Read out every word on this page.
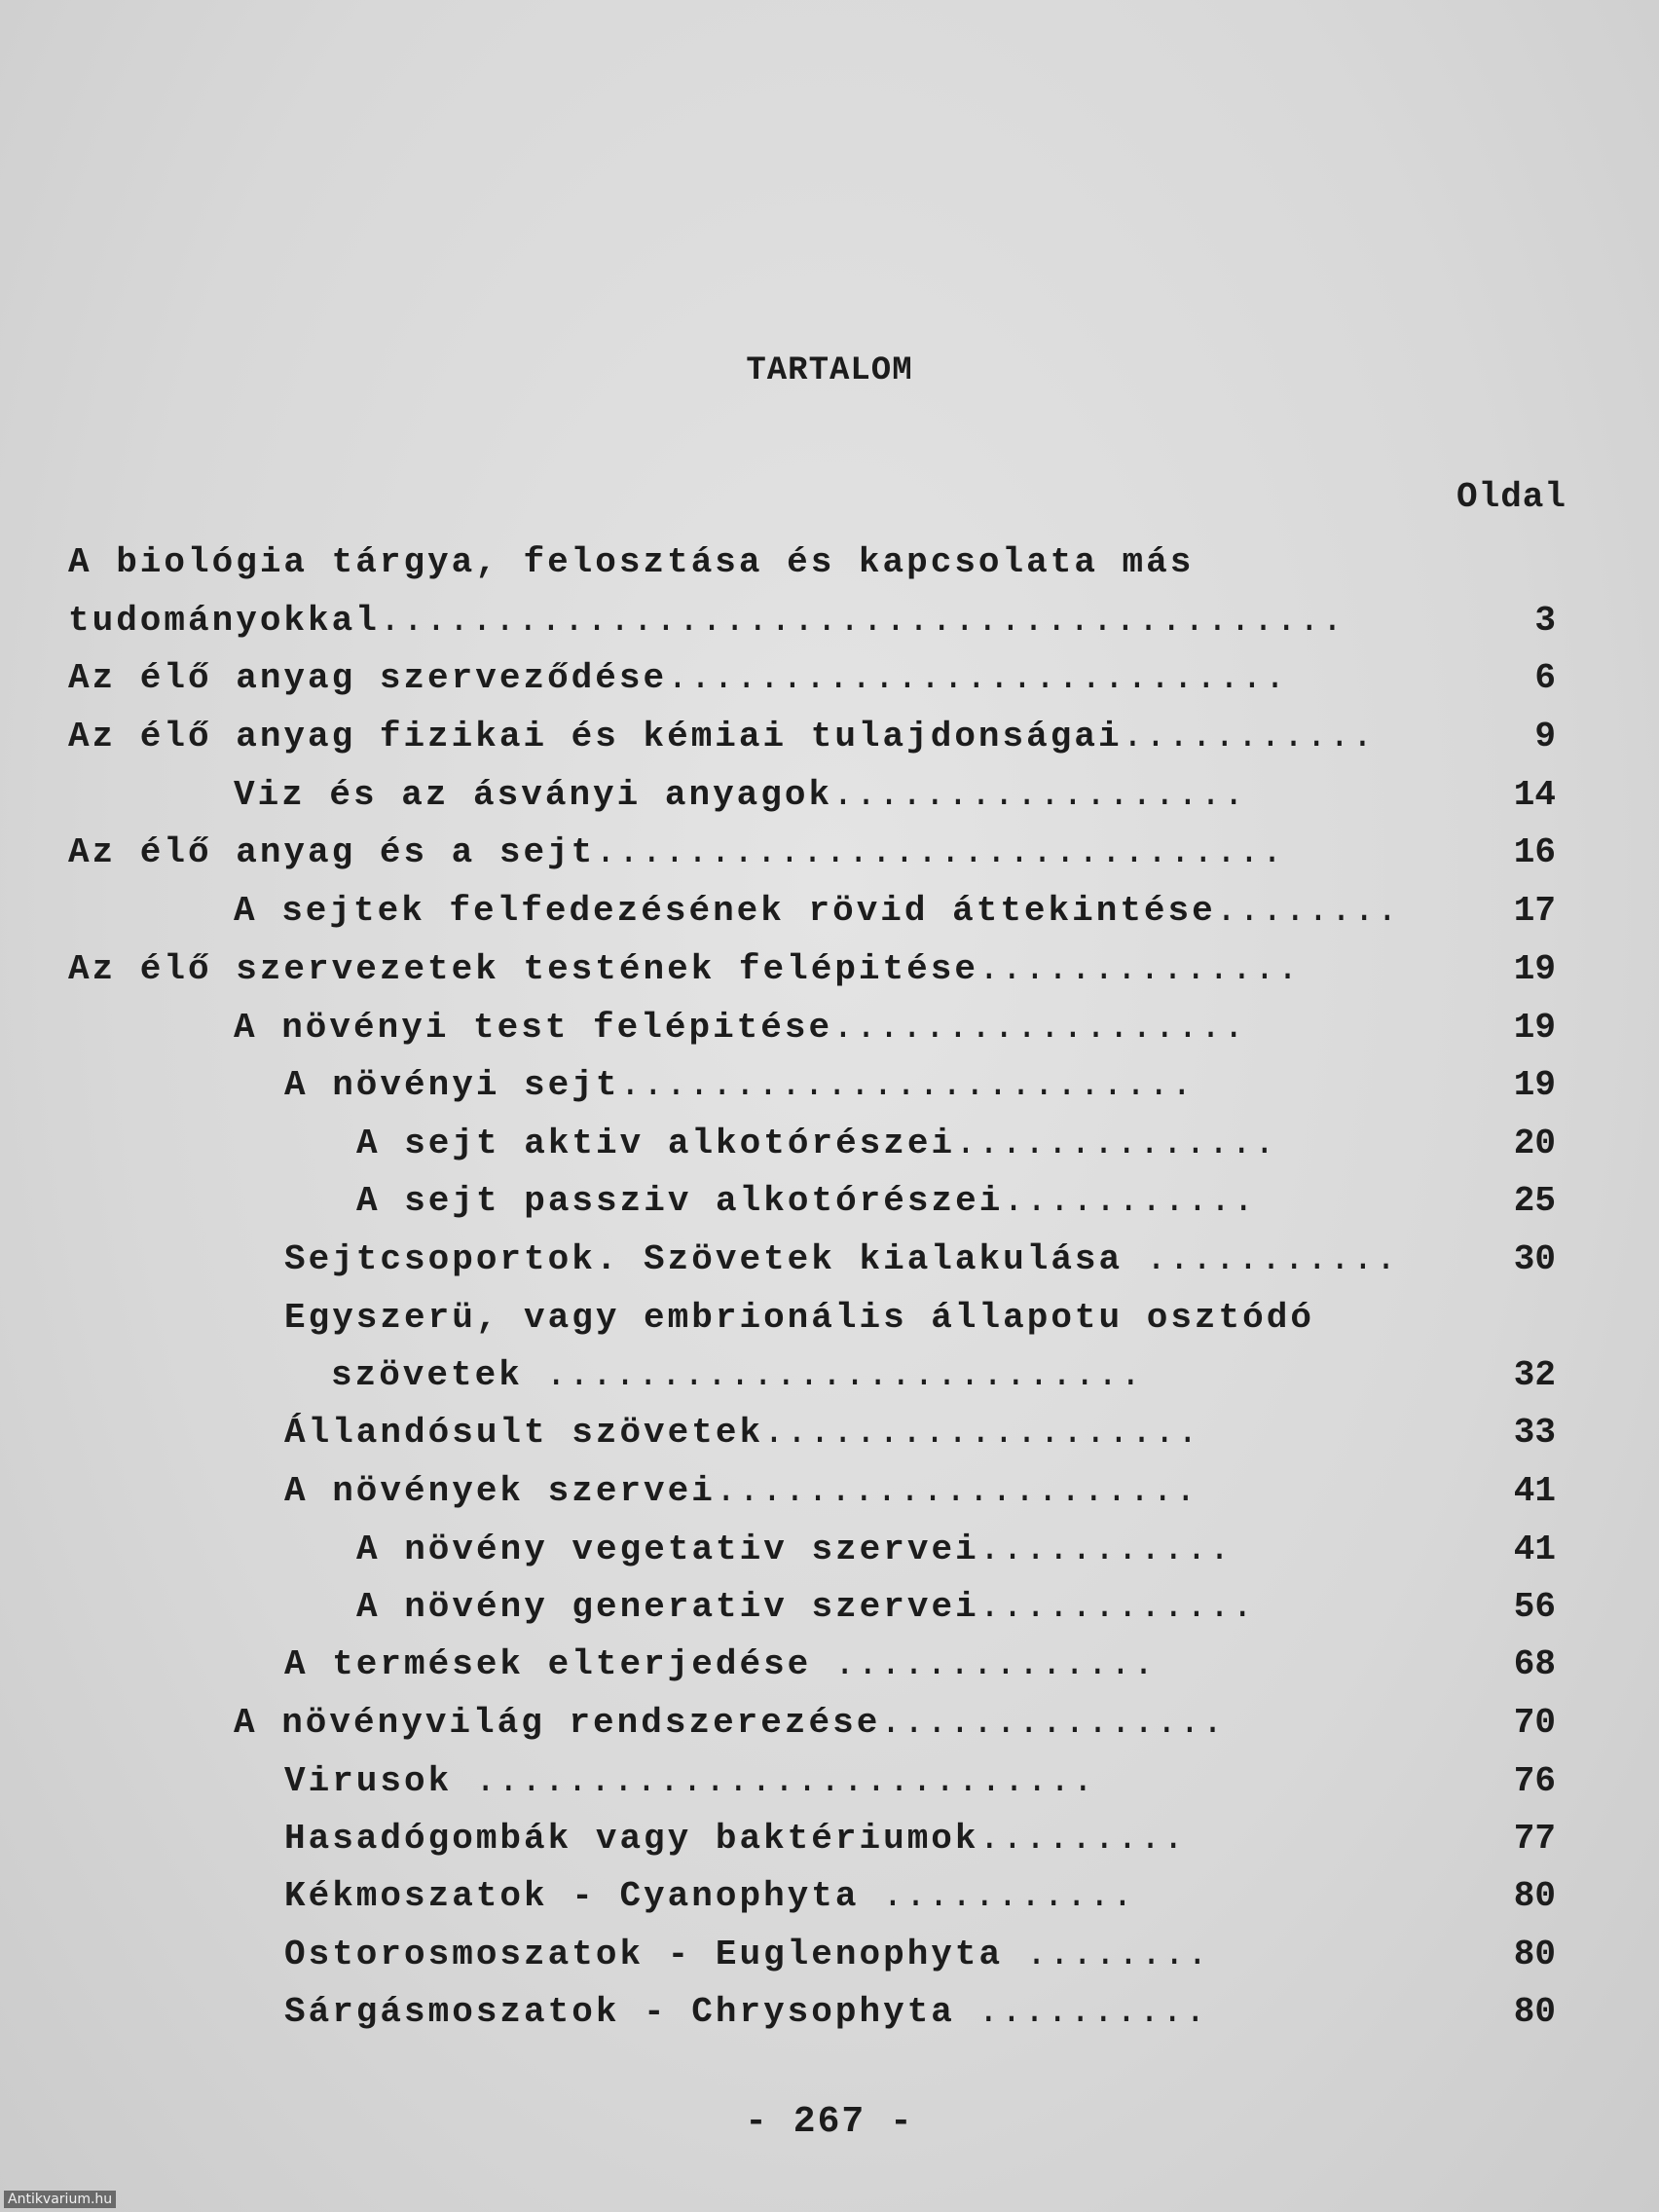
TARTALOM
Oldal
A biológia tárgya, felosztása és kapcsolata más
tudományokkal..........................................	3
Az élő anyag szerveződése...........................	6
Az élő anyag fizikai és kémiai tulajdonságai...........	9
Viz és az ásványi anyagok..................	14
Az élő anyag és a sejt..............................	16
A sejtek felfedezésének rövid áttekintése........	17
Az élő szervezetek testének felépitése..............	19
A növényi test felépitése..................	19
A növényi sejt.........................	19
A sejt aktiv alkotórészei..............	20
A sejt passziv alkotórészei...........	25
Sejtcsoportok. Szövetek kialakulása ...........	30
Egyszerü, vagy embrionális állapotu osztódó
szövetek ..........................	32
Állandósult szövetek...................	33
A növények szervei.....................	41
A növény vegetativ szervei...........	41
A növény generativ szervei............	56
A termések elterjedése ..............	68
A növényvilág rendszerezése...............	70
Virusok ...........................	76
Hasadógombák vagy baktériumok.........	77
Kékmoszatok - Cyanophyta ...........	80
Ostorosmoszatok - Euglenophyta ........	80
Sárgásmoszatok - Chrysophyta ..........	80
- 267 -
Antikvarium.hu
